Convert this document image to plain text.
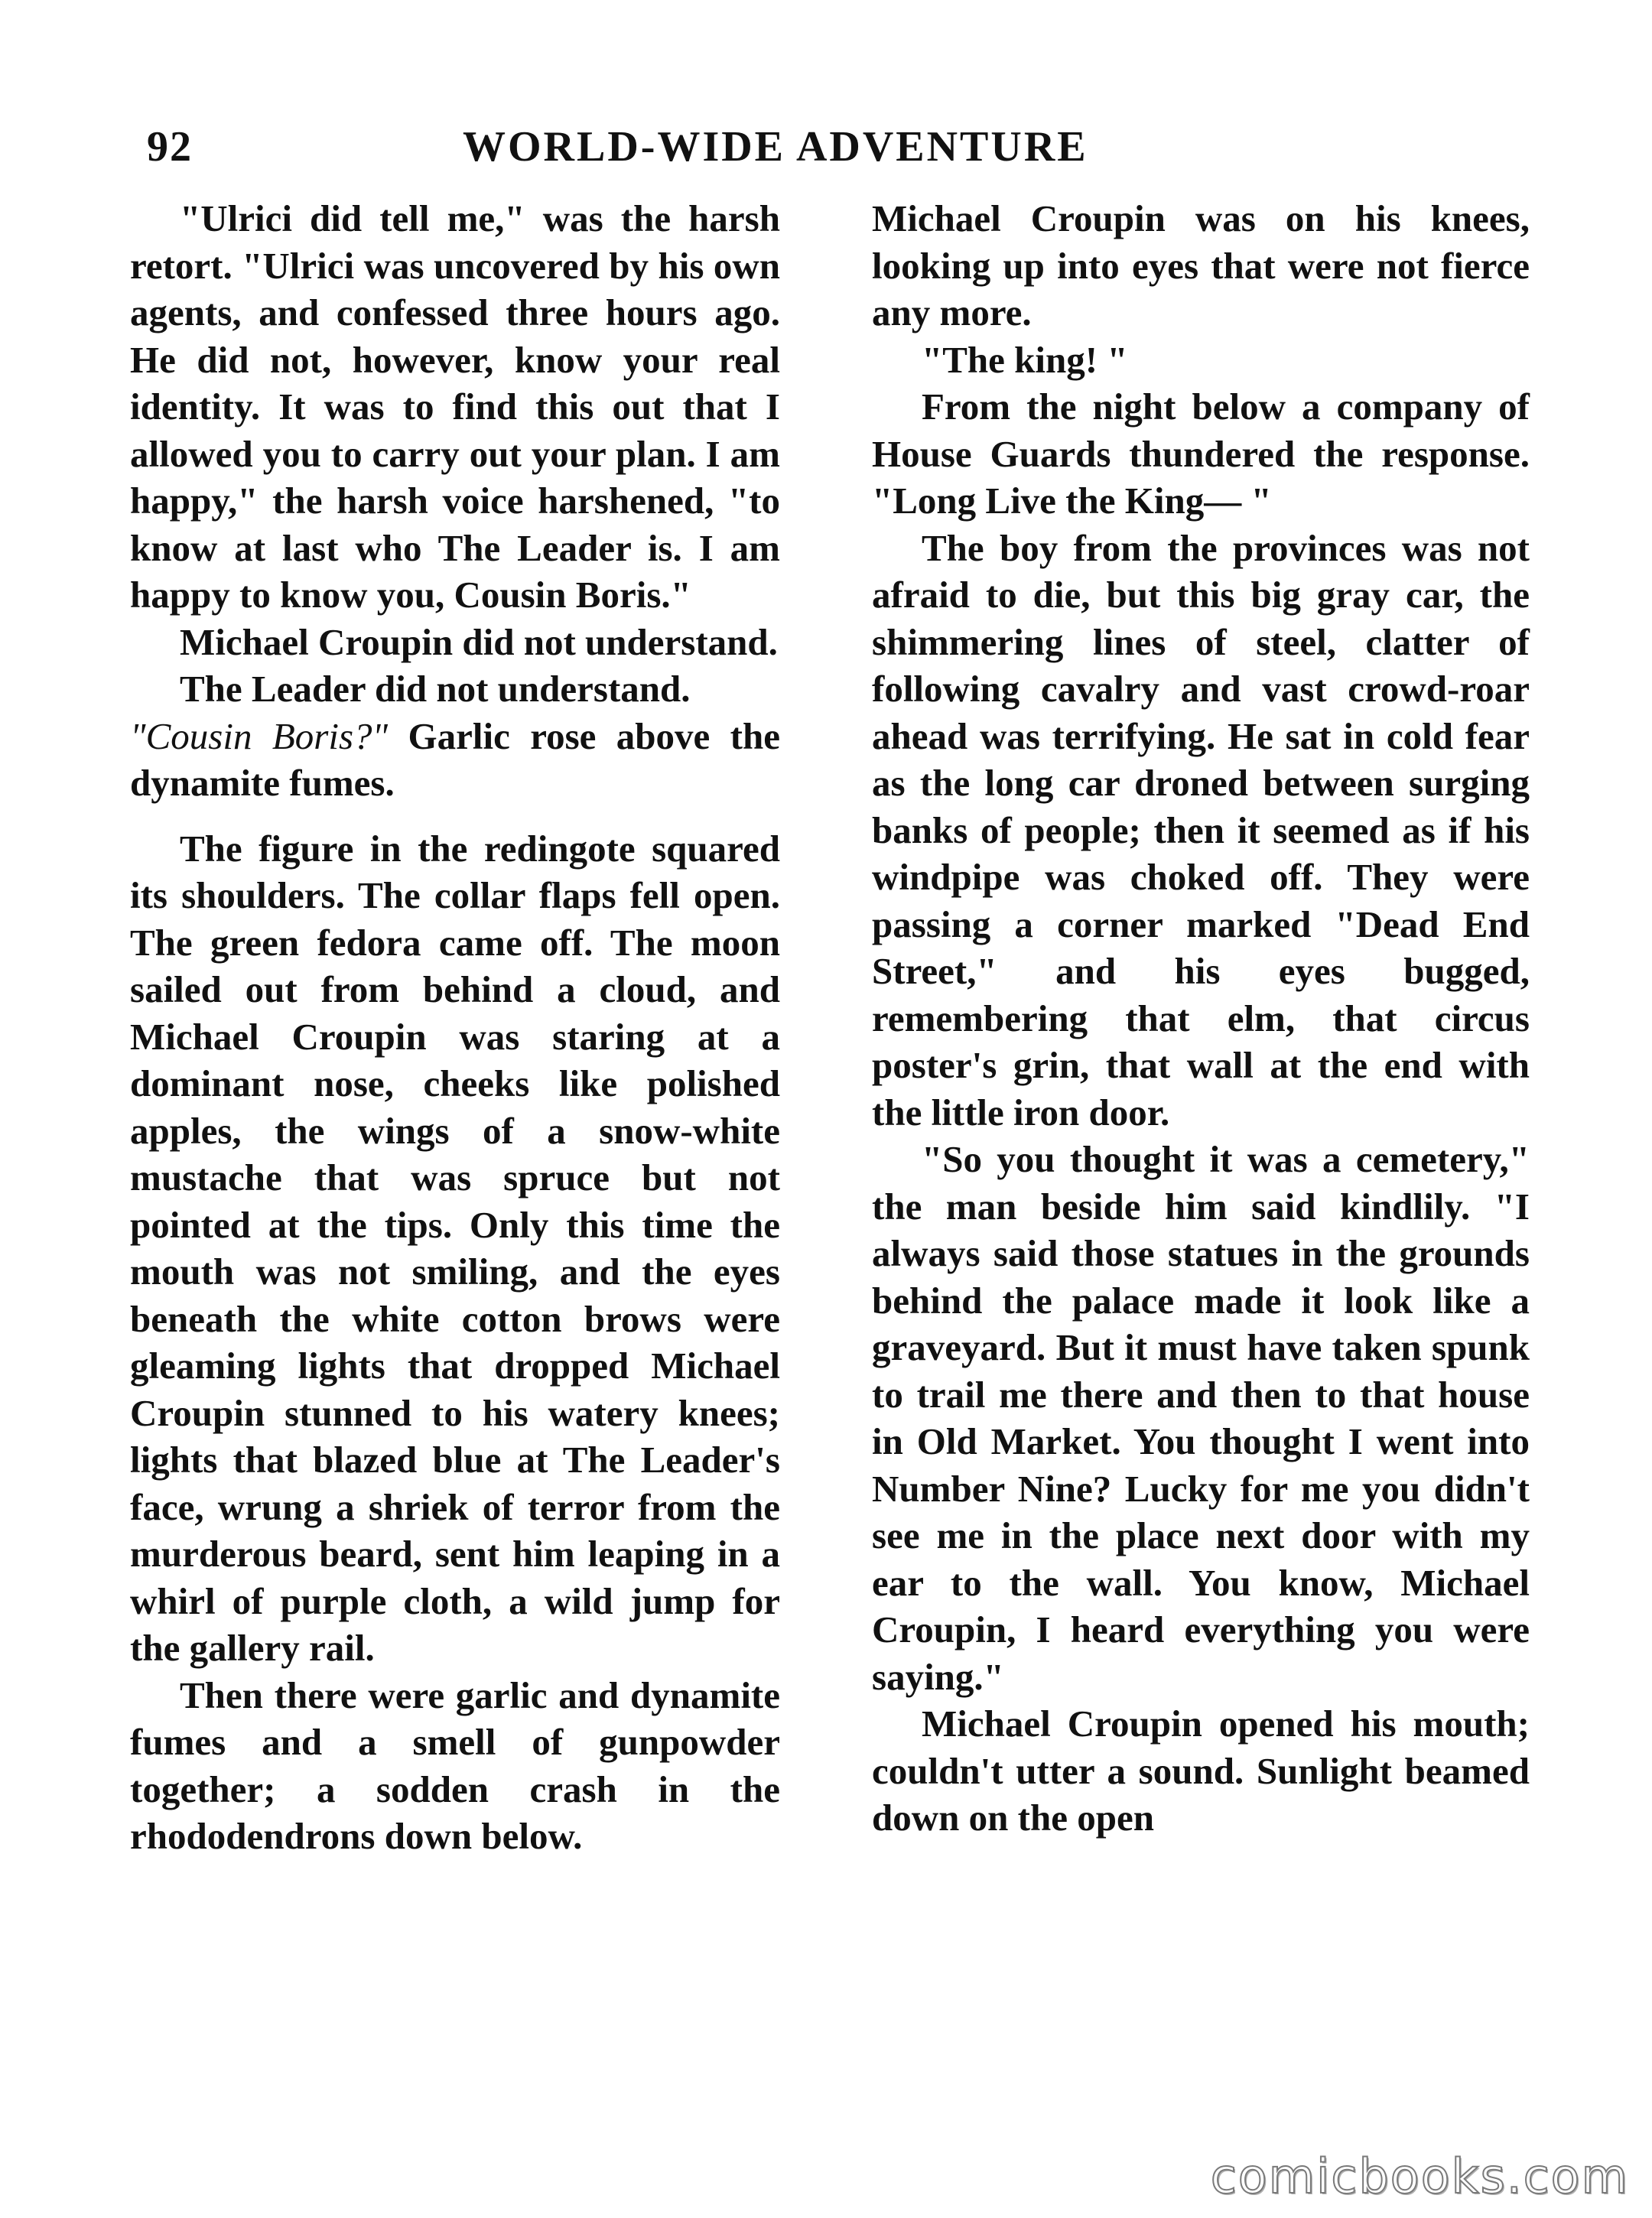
92	WORLD-WIDE ADVENTURE

"Ulrici did tell me," was the harsh retort. "Ulrici was uncovered by his own agents, and confessed three hours ago. He did not, however, know your real identity. It was to find this out that I allowed you to carry out your plan. I am happy," the harsh voice harshened, "to know at last who The Leader is. I am happy to know you, Cousin Boris."

Michael Croupin did not understand.

The Leader did not understand.

"Cousin Boris?" Garlic rose above the dynamite fumes.

The figure in the redingote squared its shoulders. The collar flaps fell open. The green fedora came off. The moon sailed out from behind a cloud, and Michael Croupin was staring at a dominant nose, cheeks like polished apples, the wings of a snow-white mustache that was spruce but not pointed at the tips. Only this time the mouth was not smiling, and the eyes beneath the white cotton brows were gleaming lights that dropped Michael Croupin stunned to his watery knees; lights that blazed blue at The Leader's face, wrung a shriek of terror from the murderous beard, sent him leaping in a whirl of purple cloth, a wild jump for the gallery rail.

Then there were garlic and dynamite fumes and a smell of gunpowder together; a sodden crash in the rhododendrons down below.

Michael Croupin was on his knees, looking up into eyes that were not fierce any more.

"The king! "

From the night below a company of House Guards thundered the response. "Long Live the King— "

The boy from the provinces was not afraid to die, but this big gray car, the shimmering lines of steel, clatter of following cavalry and vast crowd-roar ahead was terrifying. He sat in cold fear as the long car droned between surging banks of people; then it seemed as if his windpipe was choked off. They were passing a corner marked "Dead End Street," and his eyes bugged, remembering that elm, that circus poster's grin, that wall at the end with the little iron door.

"So you thought it was a cemetery," the man beside him said kindlily. "I always said those statues in the grounds behind the palace made it look like a graveyard. But it must have taken spunk to trail me there and then to that house in Old Market. You thought I went into Number Nine? Lucky for me you didn't see me in the place next door with my ear to the wall. You know, Michael Croupin, I heard everything you were saying."

Michael Croupin opened his mouth; couldn't utter a sound. Sunlight beamed down on the open

comicbooks.com
